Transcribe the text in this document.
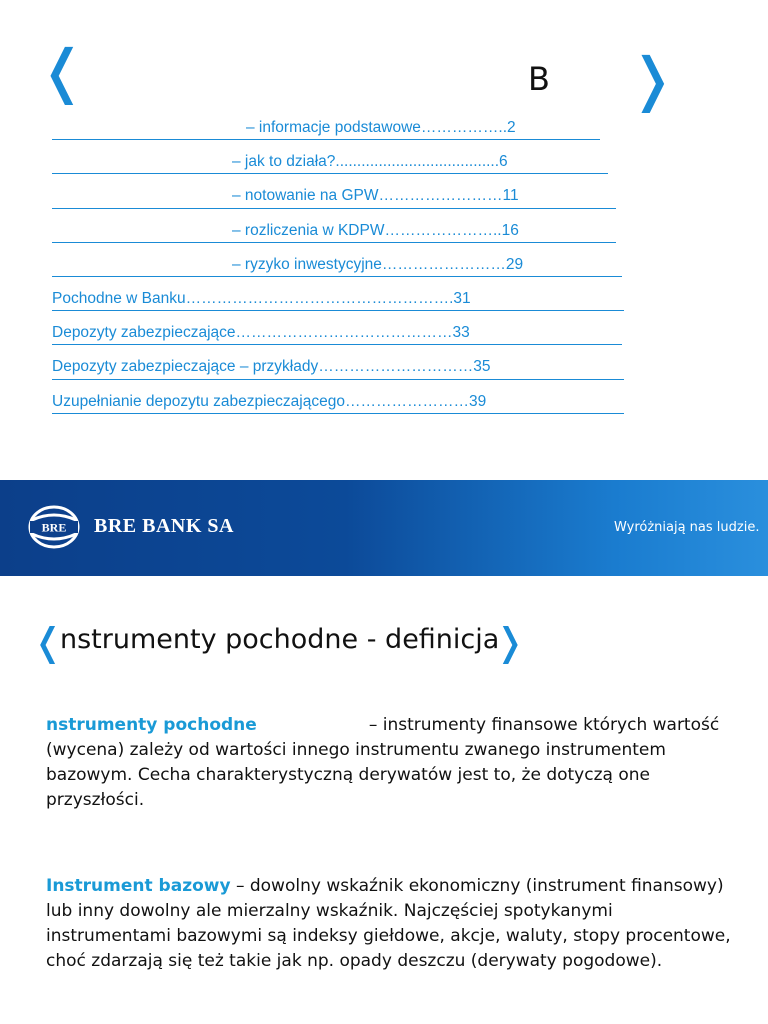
❬	B ❭
– informacje podstawowe……………..2
– jak to działa?......................................6
– notowanie na GPW……………………11
– rozliczenia w KDPW…………………..16
– ryzyko inwestycyjne……………………29
Pochodne w Banku…………………………………………….31
Depozyty zabezpieczające……………………………………33
Depozyty zabezpieczające – przykłady…………………………35
Uzupełnianie depozytu zabezpieczającego……………………39
BRE BRE BANK SA	Wyróżniają nas ludzie.
❬
nstrumenty pochodne - definicja
❭

nstrumenty pochodne	– instrumenty finansowe których wartość (wycena) zależy od wartości innego instrumentu zwanego instrumentem bazowym. Cecha charakterystyczną derywatów jest to, że dotyczą one przyszłości.

Instrument bazowy – dowolny wskaźnik ekonomiczny (instrument finansowy) lub inny dowolny ale mierzalny wskaźnik. Najczęściej spotykanymi instrumentami bazowymi są indeksy giełdowe, akcje, waluty, stopy procentowe, choć zdarzają się też takie jak np. opady deszczu (derywaty pogodowe).
